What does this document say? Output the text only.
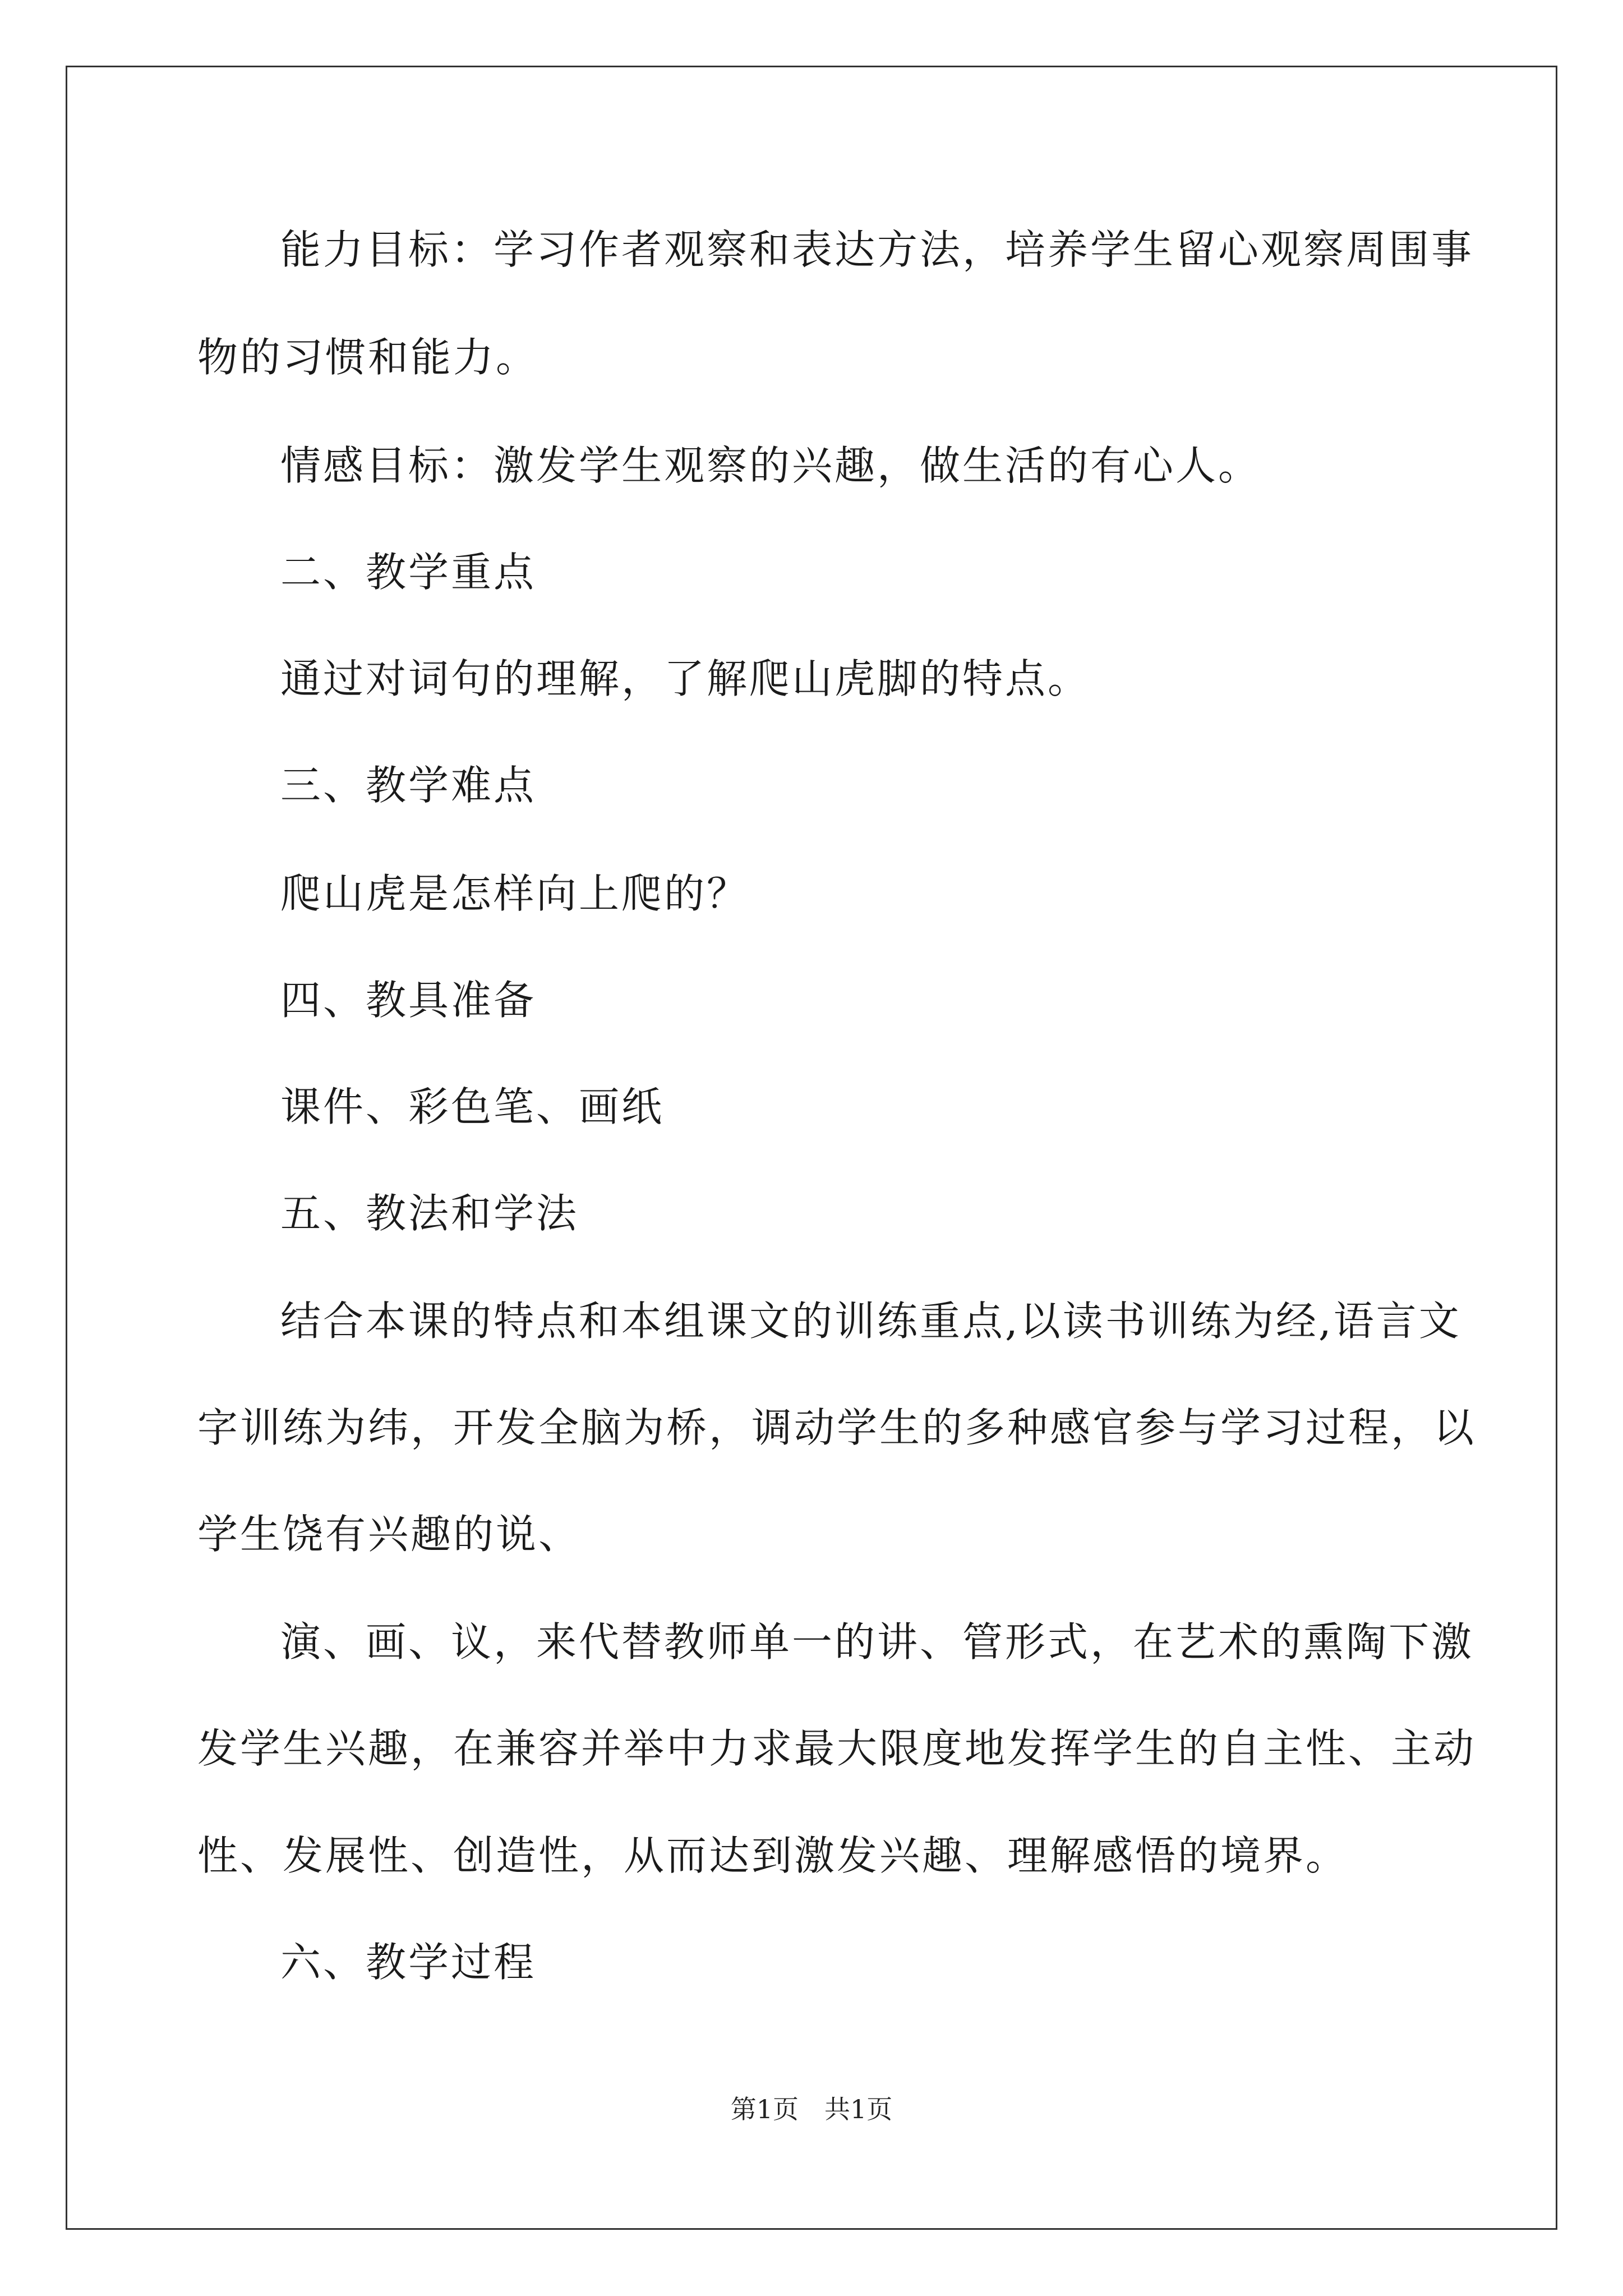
能力目标：学习作者观察和表达方法，培养学生留心观察周围事
物的习惯和能力。
情感目标：激发学生观察的兴趣，做生活的有心人。
二、教学重点
通过对词句的理解，了解爬山虎脚的特点。
三、教学难点
爬山虎是怎样向上爬的？
四、教具准备
课件、彩色笔、画纸
五、教法和学法
结合本课的特点和本组课文的训练重点,以读书训练为经,语言文
字训练为纬，开发全脑为桥，调动学生的多种感官参与学习过程，以
学生饶有兴趣的说、
演、画、议，来代替教师单一的讲、管形式，在艺术的熏陶下激
发学生兴趣，在兼容并举中力求最大限度地发挥学生的自主性、主动
性、发展性、创造性，从而达到激发兴趣、理解感悟的境界。
六、教学过程
第1页　共1页
